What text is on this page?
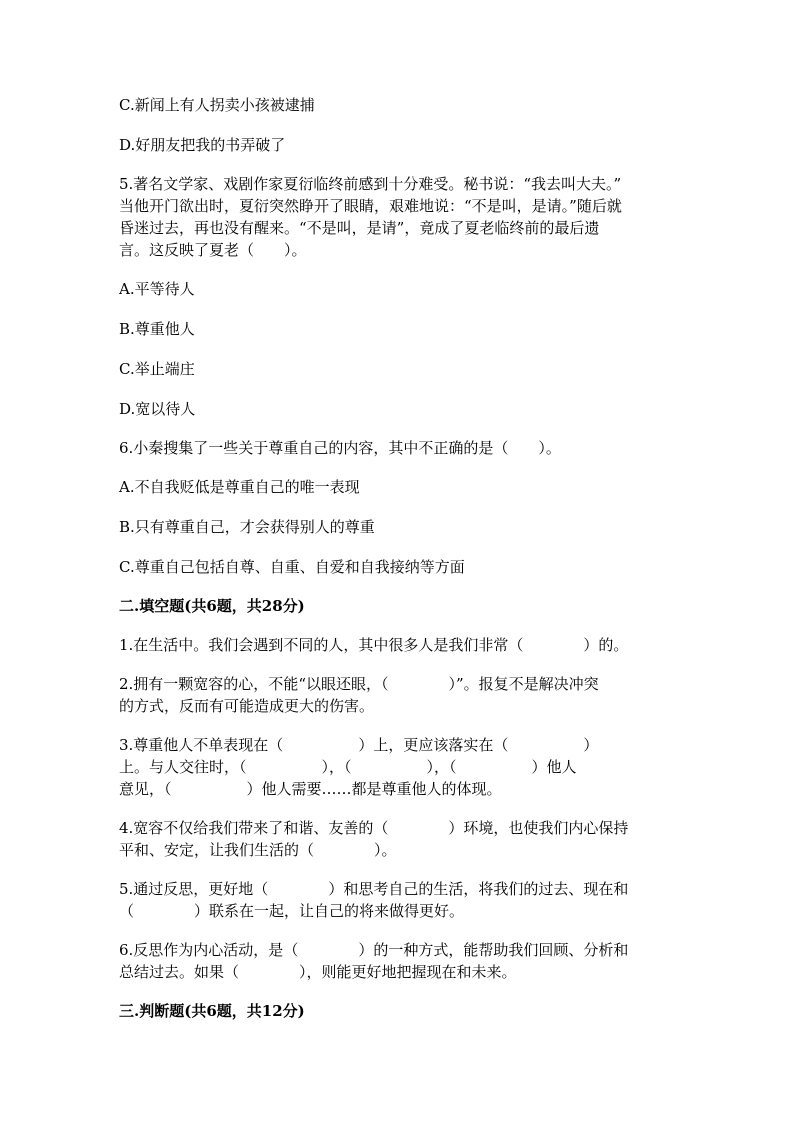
C.新闻上有人拐卖小孩被逮捕

D.好朋友把我的书弄破了

5.著名文学家、戏剧作家夏衍临终前感到十分难受。秘书说：“我去叫大夫。”

当他开门欲出时，夏衍突然睁开了眼睛，艰难地说：“不是叫，是请。”随后就

昏迷过去，再也没有醒来。“不是叫，是请”，竟成了夏老临终前的最后遗

言。这反映了夏老（　　）。

A.平等待人

B.尊重他人

C.举止端庄

D.宽以待人

6.小秦搜集了一些关于尊重自己的内容，其中不正确的是（　　）。

A.不自我贬低是尊重自己的唯一表现

B.只有尊重自己，才会获得别人的尊重

C.尊重自己包括自尊、自重、自爱和自我接纳等方面

二.填空题(共6题，共28分)

1.在生活中。我们会遇到不同的人，其中很多人是我们非常（　　　　）的。

2.拥有一颗宽容的心，不能“以眼还眼，（　　　　）”。报复不是解决冲突

的方式，反而有可能造成更大的伤害。

3.尊重他人不单表现在（　　　　　）上，更应该落实在（　　　　　）

上。与人交往时，（　　　　　），（　　　　　），（　　　　　）他人

意见，（　　　　　）他人需要……都是尊重他人的体现。

4.宽容不仅给我们带来了和谐、友善的（　　　　）环境，也使我们内心保持

平和、安定，让我们生活的（　　　　）。

5.通过反思，更好地（　　　　）和思考自己的生活，将我们的过去、现在和

（　　　　）联系在一起，让自己的将来做得更好。

6.反思作为内心活动，是（　　　　）的一种方式，能帮助我们回顾、分析和

总结过去。如果（　　　　），则能更好地把握现在和未来。

三.判断题(共6题，共12分)
